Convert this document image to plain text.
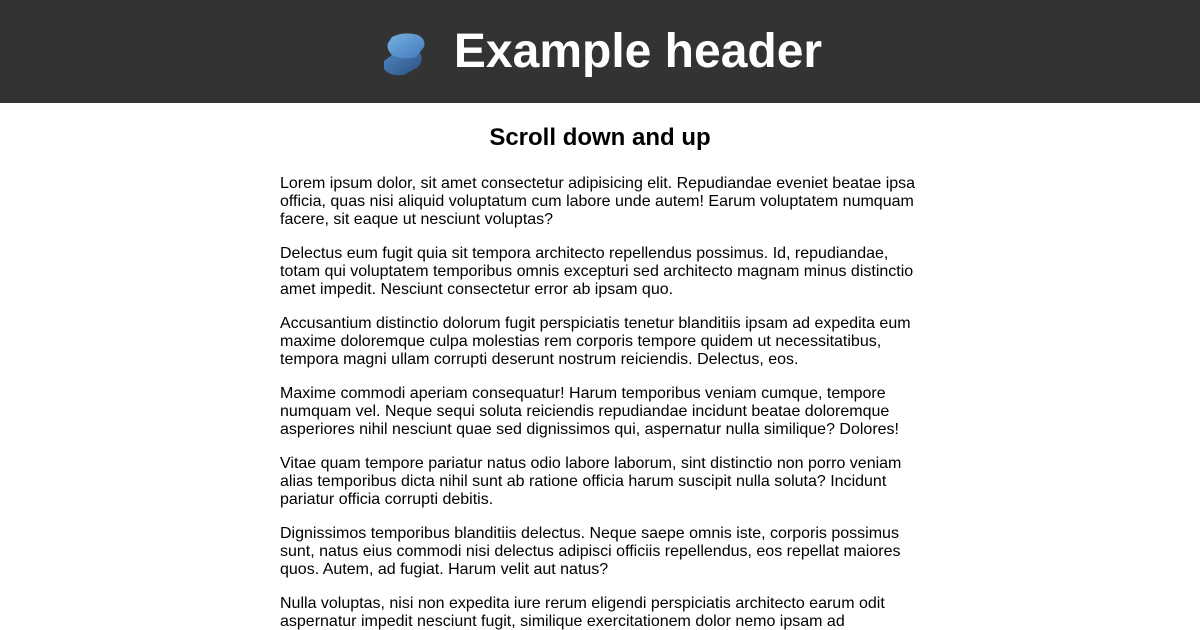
Example header
Scroll down and up

Lorem ipsum dolor, sit amet consectetur adipisicing elit. Repudiandae eveniet beatae ipsa officia, quas nisi aliquid voluptatum cum labore unde autem! Earum voluptatem numquam facere, sit eaque ut nesciunt voluptas?

Delectus eum fugit quia sit tempora architecto repellendus possimus. Id, repudiandae, totam qui voluptatem temporibus omnis excepturi sed architecto magnam minus distinctio amet impedit. Nesciunt consectetur error ab ipsam quo.

Accusantium distinctio dolorum fugit perspiciatis tenetur blanditiis ipsam ad expedita eum maxime doloremque culpa molestias rem corporis tempore quidem ut necessitatibus, tempora magni ullam corrupti deserunt nostrum reiciendis. Delectus, eos.

Maxime commodi aperiam consequatur! Harum temporibus veniam cumque, tempore numquam vel. Neque sequi soluta reiciendis repudiandae incidunt beatae doloremque asperiores nihil nesciunt quae sed dignissimos qui, aspernatur nulla similique? Dolores!

Vitae quam tempore pariatur natus odio labore laborum, sint distinctio non porro veniam alias temporibus dicta nihil sunt ab ratione officia harum suscipit nulla soluta? Incidunt pariatur officia corrupti debitis.

Dignissimos temporibus blanditiis delectus. Neque saepe omnis iste, corporis possimus sunt, natus eius commodi nisi delectus adipisci officiis repellendus, eos repellat maiores quos. Autem, ad fugiat. Harum velit aut natus?

Nulla voluptas, nisi non expedita iure rerum eligendi perspiciatis architecto earum odit aspernatur impedit nesciunt fugit, similique exercitationem dolor nemo ipsam ad
